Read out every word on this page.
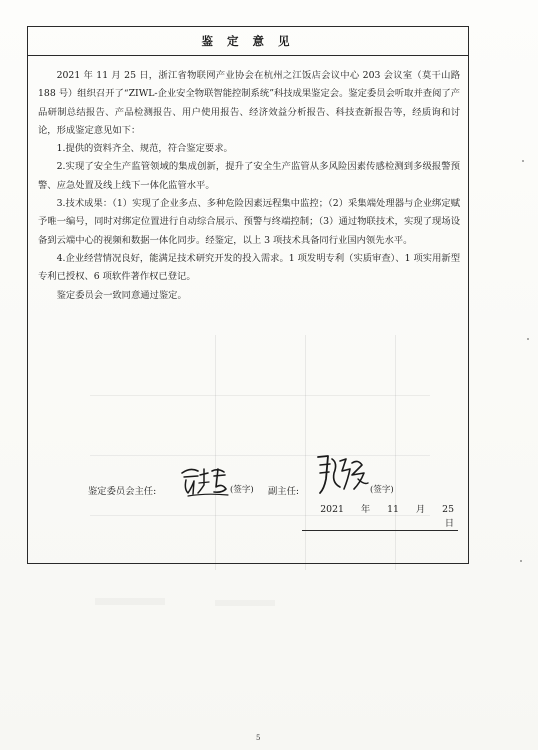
鉴 定 意 见

2021 年 11 月 25 日，浙江省物联网产业协会在杭州之江饭店会议中心 203 会议室（莫干山路 188 号）组织召开了“ZIWL-企业安全物联智能控制系统”科技成果鉴定会。鉴定委员会听取并查阅了产品研制总结报告、产品检测报告、用户使用报告、经济效益分析报告、科技查新报告等，经质询和讨论，形成鉴定意见如下：

1.提供的资料齐全、规范，符合鉴定要求。

2.实现了安全生产监管领域的集成创新，提升了安全生产监管从多风险因素传感检测到多级报警预警、应急处置及线上线下一体化监管水平。

3.技术成果：（1）实现了企业多点、多种危险因素远程集中监控；（2）采集端处理器与企业绑定赋予唯一编号，同时对绑定位置进行自动综合展示、预警与终端控制；（3）通过物联技术，实现了现场设备到云端中心的视频和数据一体化同步。经鉴定，以上 3 项技术具备同行业国内领先水平。

4.企业经营情况良好，能满足技术研究开发的投入需求。1 项发明专利（实质审查）、1 项实用新型专利已授权、6 项软件著作权已登记。

鉴定委员会一致同意通过鉴定。

鉴定委员会主任:	(签字) 副主任:	(签字)
2021 年 11 月 25 日
5
